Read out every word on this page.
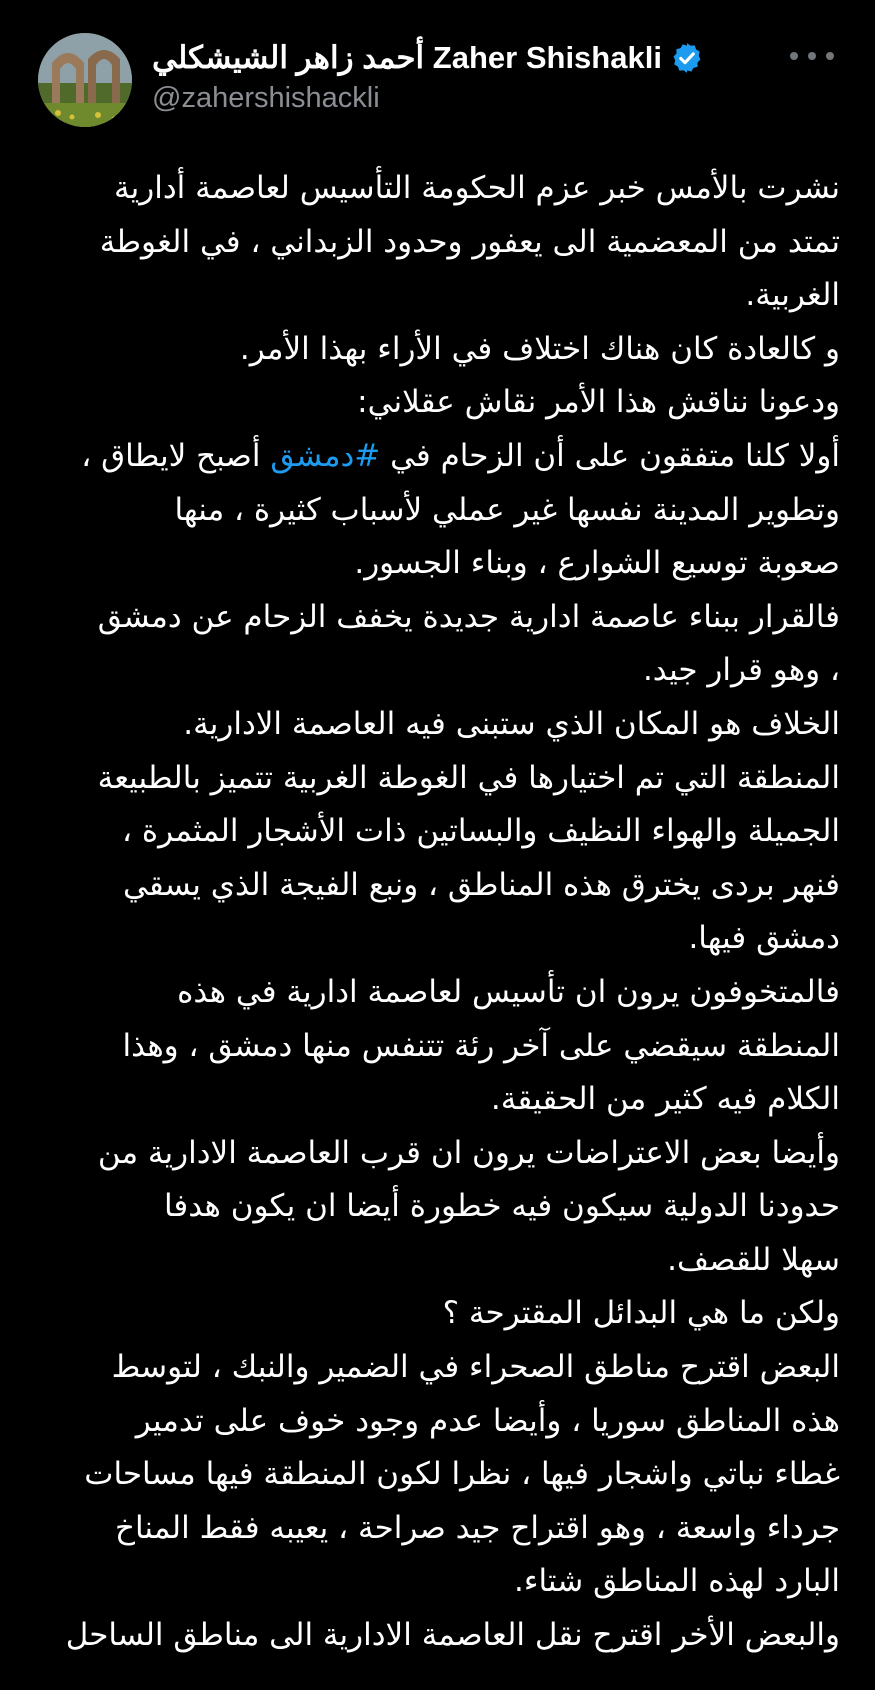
أحمد زاهر الشيشكلي Zaher Shishakli
@zahershishackli
نشرت بالأمس خبر عزم الحكومة التأسيس لعاصمة أدارية
تمتد من المعضمية الى يعفور وحدود الزبداني ، في الغوطة
الغربية.
و كالعادة كان هناك اختلاف في الأراء بهذا الأمر.
ودعونا نناقش هذا الأمر نقاش عقلاني:
أولا كلنا متفقون على أن الزحام في #دمشق أصبح لايطاق ،
وتطوير المدينة نفسها غير عملي لأسباب كثيرة ، منها
صعوبة توسيع الشوارع ، وبناء الجسور.
فالقرار ببناء عاصمة ادارية جديدة يخفف الزحام عن دمشق
، وهو قرار جيد.
الخلاف هو المكان الذي ستبنى فيه العاصمة الادارية.
المنطقة التي تم اختيارها في الغوطة الغربية تتميز بالطبيعة
الجميلة والهواء النظيف والبساتين ذات الأشجار المثمرة ،
فنهر بردى يخترق هذه المناطق ، ونبع الفيجة الذي يسقي
دمشق فيها.
فالمتخوفون يرون ان تأسيس لعاصمة ادارية في هذه
المنطقة سيقضي على آخر رئة تتنفس منها دمشق ، وهذا
الكلام فيه كثير من الحقيقة.
وأيضا بعض الاعتراضات يرون ان قرب العاصمة الادارية من
حدودنا الدولية سيكون فيه خطورة أيضا ان يكون هدفا
سهلا للقصف.
ولكن ما هي البدائل المقترحة ؟
البعض اقترح مناطق الصحراء في الضمير والنبك ، لتوسط
هذه المناطق سوريا ، وأيضا عدم وجود خوف على تدمير
غطاء نباتي واشجار فيها ، نظرا لكون المنطقة فيها مساحات
جرداء واسعة ، وهو اقتراح جيد صراحة ، يعيبه فقط المناخ
البارد لهذه المناطق شتاء.
والبعض الأخر اقترح نقل العاصمة الادارية الى مناطق الساحل
